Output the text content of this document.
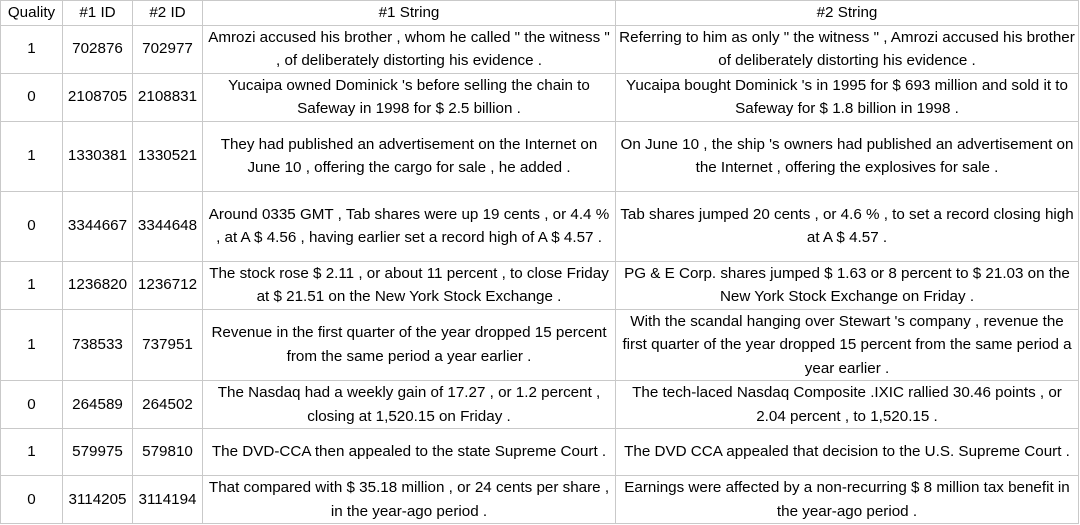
Quality	#1 ID	#2 ID	#1 String	#2 String
1	702876	702977	Amrozi accused his brother , whom he called " the witness " , of deliberately distorting his evidence .	Referring to him as only " the witness " , Amrozi accused his brother of deliberately distorting his evidence .
0	2108705	2108831	Yucaipa owned Dominick 's before selling the chain to Safeway in 1998 for $ 2.5 billion .	Yucaipa bought Dominick 's in 1995 for $ 693 million and sold it to Safeway for $ 1.8 billion in 1998 .
1	1330381	1330521	They had published an advertisement on the Internet on June 10 , offering the cargo for sale , he added .	On June 10 , the ship 's owners had published an advertisement on the Internet , offering the explosives for sale .
0	3344667	3344648	Around 0335 GMT , Tab shares were up 19 cents , or 4.4 % , at A $ 4.56 , having earlier set a record high of A $ 4.57 .	Tab shares jumped 20 cents , or 4.6 % , to set a record closing high at A $ 4.57 .
1	1236820	1236712	The stock rose $ 2.11 , or about 11 percent , to close Friday at $ 21.51 on the New York Stock Exchange .	PG & E Corp. shares jumped $ 1.63 or 8 percent to $ 21.03 on the New York Stock Exchange on Friday .
1	738533	737951	Revenue in the first quarter of the year dropped 15 percent from the same period a year earlier .	With the scandal hanging over Stewart 's company , revenue the first quarter of the year dropped 15 percent from the same period a year earlier .
0	264589	264502	The Nasdaq had a weekly gain of 17.27 , or 1.2 percent , closing at 1,520.15 on Friday .	The tech-laced Nasdaq Composite .IXIC rallied 30.46 points , or 2.04 percent , to 1,520.15 .
1	579975	579810	The DVD-CCA then appealed to the state Supreme Court .	The DVD CCA appealed that decision to the U.S. Supreme Court .
0	3114205	3114194	That compared with $ 35.18 million , or 24 cents per share , in the year-ago period .	Earnings were affected by a non-recurring $ 8 million tax benefit in the year-ago period .
